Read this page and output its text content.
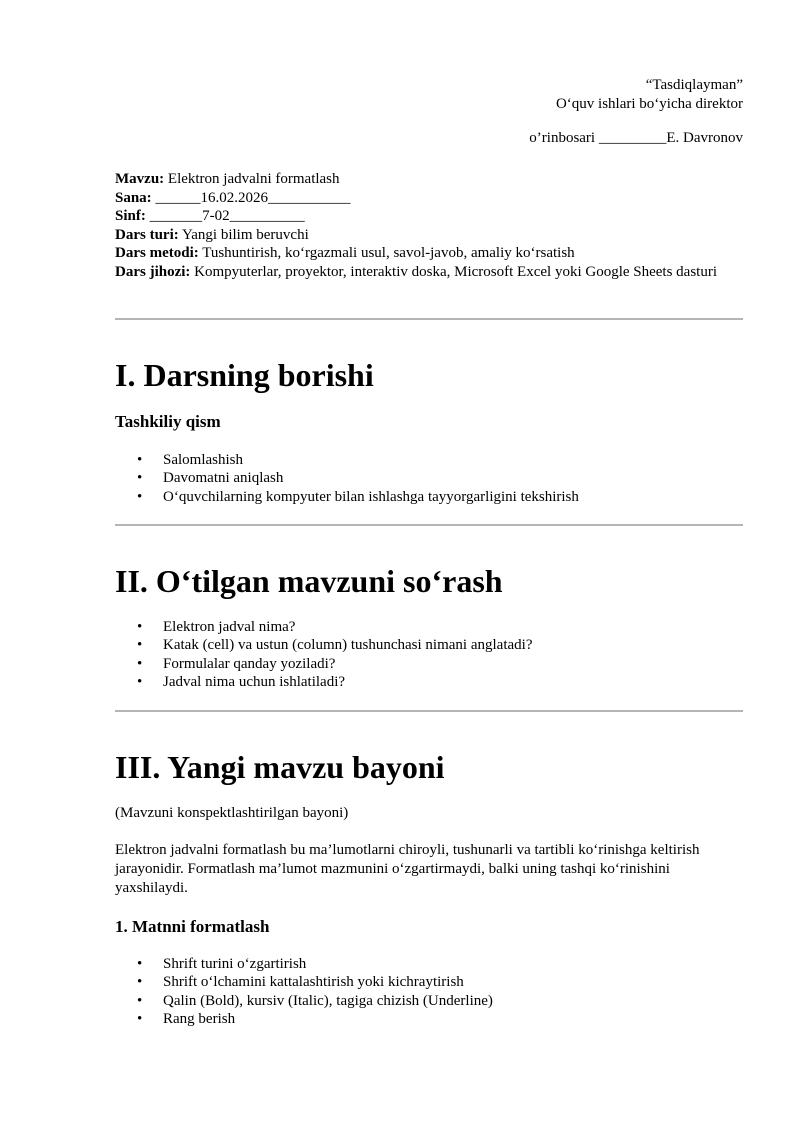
“Tasdiqlayman”
O‘quv ishlari bo‘yicha direktor
o’rinbosari _________E. Davronov
Mavzu: Elektron jadvalni formatlash
Sana: ______16.02.2026___________
Sinf: _______7-02__________
Dars turi: Yangi bilim beruvchi
Dars metodi: Tushuntirish, ko‘rgazmali usul, savol-javob, amaliy ko‘rsatish
Dars jihozi: Kompyuterlar, proyektor, interaktiv doska, Microsoft Excel yoki Google Sheets dasturi
I. Darsning borishi
Tashkiliy qism
• Salomlashish
• Davomatni aniqlash
• O‘quvchilarning kompyuter bilan ishlashga tayyorgarligini tekshirish
II. O‘tilgan mavzuni so‘rash
• Elektron jadval nima?
• Katak (cell) va ustun (column) tushunchasi nimani anglatadi?
• Formulalar qanday yoziladi?
• Jadval nima uchun ishlatiladi?
III. Yangi mavzu bayoni

(Mavzuni konspektlashtirilgan bayoni)

Elektron jadvalni formatlash bu ma’lumotlarni chiroyli, tushunarli va tartibli ko‘rinishga keltirish jarayonidir. Formatlash ma’lumot mazmunini o‘zgartirmaydi, balki uning tashqi ko‘rinishini yaxshilaydi.

1. Matnni formatlash
• Shrift turini o‘zgartirish
• Shrift o‘lchamini kattalashtirish yoki kichraytirish
• Qalin (Bold), kursiv (Italic), tagiga chizish (Underline)
• Rang berish
